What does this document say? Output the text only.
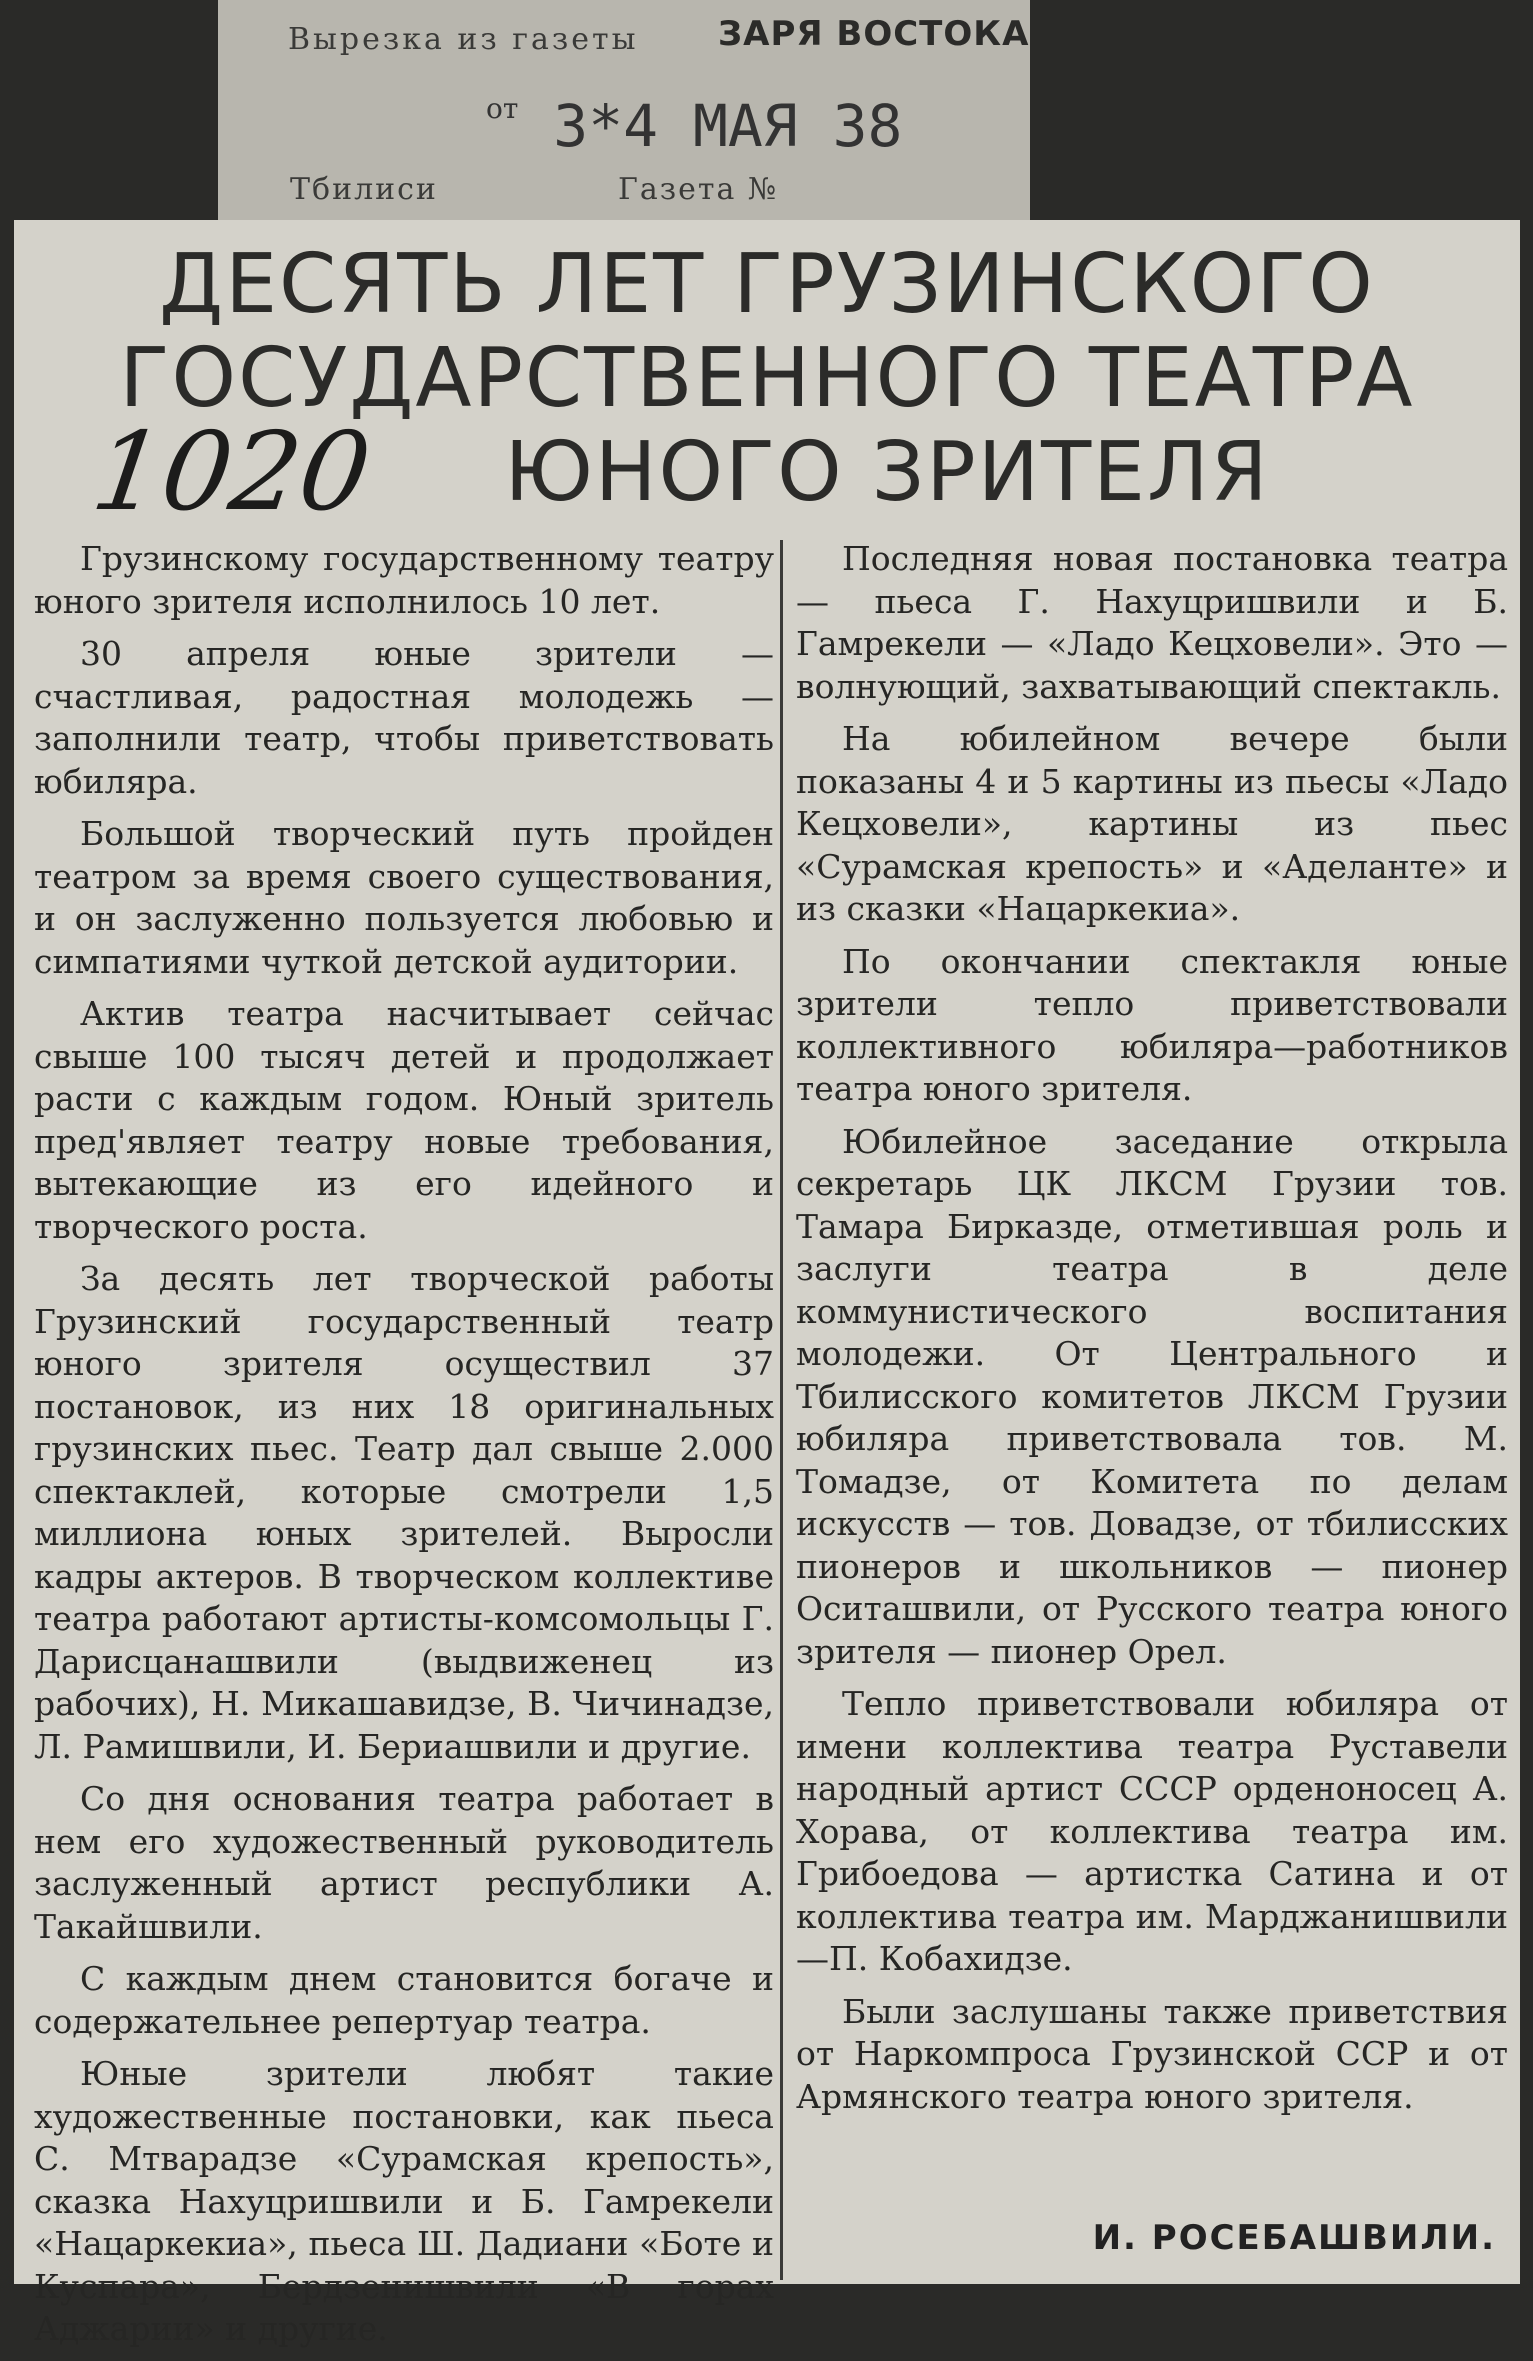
Вырезка из газеты ЗАРЯ ВОСТОКА
$^{от}$ 3*4 МАЯ 38
Тбилиси	Газета №
ДЕСЯТЬ ЛЕТ ГРУЗИНСКОГО
ГОСУДАРСТВЕННОГО ТЕАТРА
ЮНОГО ЗРИТЕЛЯ
1020

Грузинскому государственному театру юного зрителя исполнилось 10 лет.

30 апреля юные зрители — счастливая, радостная молодежь — заполнили театр, чтобы приветствовать юбиляра.

Большой творческий путь пройден театром за время своего существования, и он заслуженно пользуется любовью и симпатиями чуткой детской аудитории.

Актив театра насчитывает сейчас свыше 100 тысяч детей и продолжает расти с каждым годом. Юный зритель пред'являет театру новые требования, вытекающие из его идейного и творческого роста.

За десять лет творческой работы Грузинский государственный театр юного зрителя осуществил 37 постановок, из них 18 оригинальных грузинских пьес. Театр дал свыше 2.000 спектаклей, которые смотрели 1,5 миллиона юных зрителей. Выросли кадры актеров. В творческом коллективе театра работают артисты-комсомольцы Г. Дарисцанашвили (выдвиженец из рабочих), Н. Микашавидзе, В. Чичинадзе, Л. Рамишвили, И. Бериашвили и другие.

Со дня основания театра работает в нем его художественный руководитель заслуженный артист республики А. Такайшвили.

С каждым днем становится богаче и содержательнее репертуар театра.

Юные зрители любят такие художественные постановки, как пьеса С. Мтварадзе «Сурамская крепость», сказка Нахуцришвили и Б. Гамрекели «Нацаркекиа», пьеса Ш. Дадиани «Боте и Куспара», Бердзенишвили «В горах Аджарии» и другие.

Последняя новая постановка театра — пьеса Г. Нахуцришвили и Б. Гамрекели — «Ладо Кецховели». Это — волнующий, захватывающий спектакль.

На юбилейном вечере были показаны 4 и 5 картины из пьесы «Ладо Кецховели», картины из пьес «Сурамская крепость» и «Аделанте» и из сказки «Нацаркекиа».

По окончании спектакля юные зрители тепло приветствовали коллективного юбиляра—работников театра юного зрителя.

Юбилейное заседание открыла секретарь ЦК ЛКСМ Грузии тов. Тамара Бирказде, отметившая роль и заслуги театра в деле коммунистического воспитания молодежи. От Центрального и Тбилисского комитетов ЛКСМ Грузии юбиляра приветствовала тов. М. Томадзе, от Комитета по делам искусств — тов. Довадзе, от тбилисских пионеров и школьников — пионер Оситашвили, от Русского театра юного зрителя — пионер Орел.

Тепло приветствовали юбиляра от имени коллектива театра Руставели народный артист СССР орденоносец А. Хорава, от коллектива театра им. Грибоедова — артистка Сатина и от коллектива театра им. Марджанишвили—П. Кобахидзе.

Были заслушаны также приветствия от Наркомпроса Грузинской ССР и от Армянского театра юного зрителя.

И. РОСЕБАШВИЛИ.
